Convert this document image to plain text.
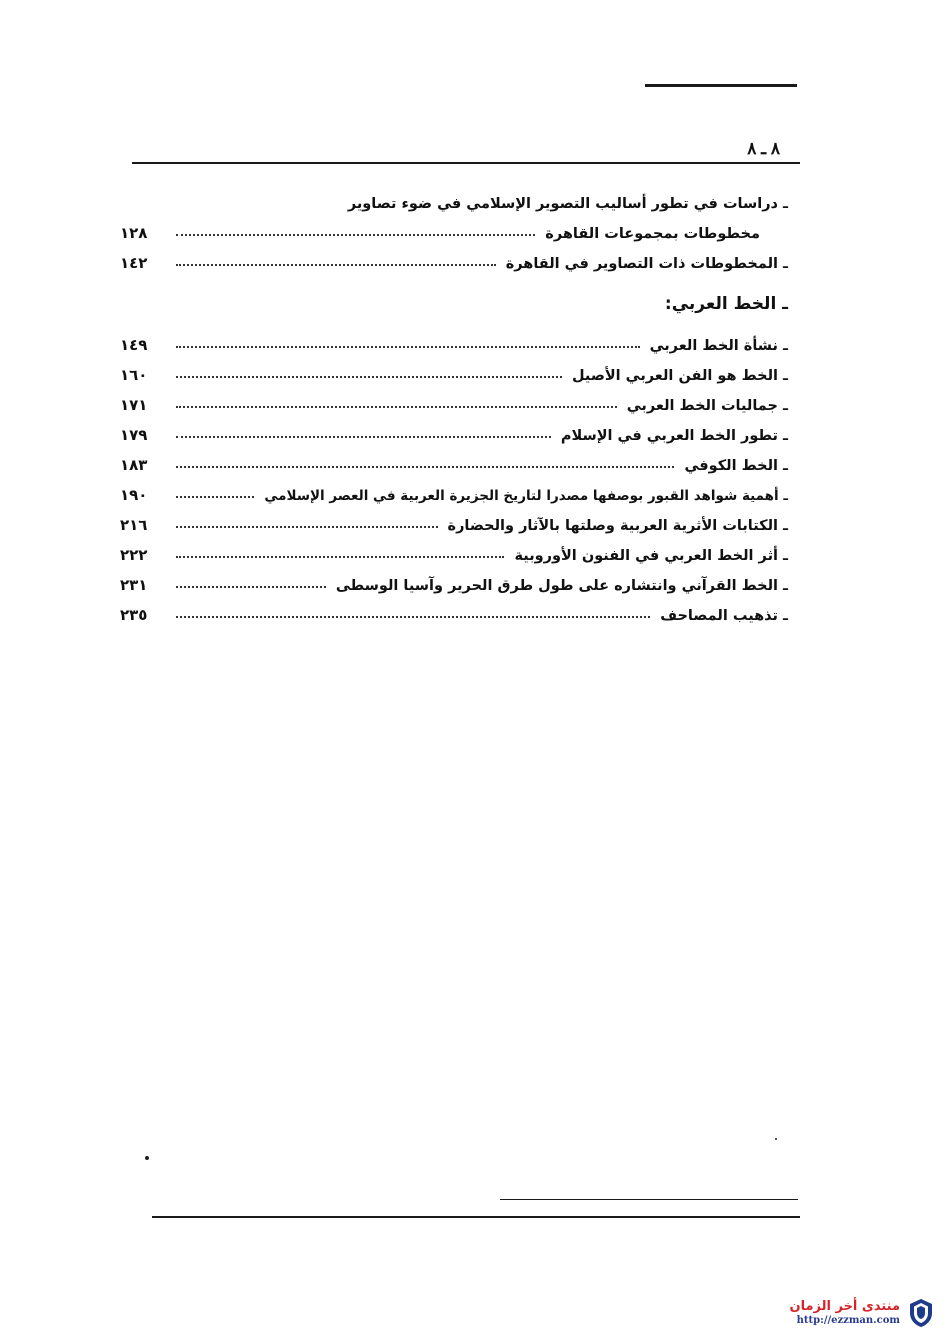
٨ ـ ٨
ـ دراسات في تطور أساليب التصوير الإسلامي في ضوء تصاوير
مخطوطات بمجموعات القاهرة
١٢٨
ـ المخطوطات ذات التصاوير في القاهرة
١٤٢
ـ الخط العربي:
ـ نشأة الخط العربي
١٤٩
ـ الخط هو الفن العربي الأصيل
١٦٠
ـ جماليات الخط العربي
١٧١
ـ تطور الخط العربي في الإسلام
١٧٩
ـ الخط الكوفي
١٨٣
ـ أهمية شواهد القبور بوصفها مصدرا لتاريخ الجزيرة العربية في العصر الإسلامي
١٩٠
ـ الكتابات الأثرية العربية وصلتها بالآثار والحضارة
٢١٦
ـ أثر الخط العربي في الفنون الأوروبية
٢٢٢
ـ الخط القرآني وانتشاره على طول طرق الحرير وآسيا الوسطى
٢٣١
ـ تذهيب المصاحف
٢٣٥
منتدى أخر الزمان
http://ezzman.com
